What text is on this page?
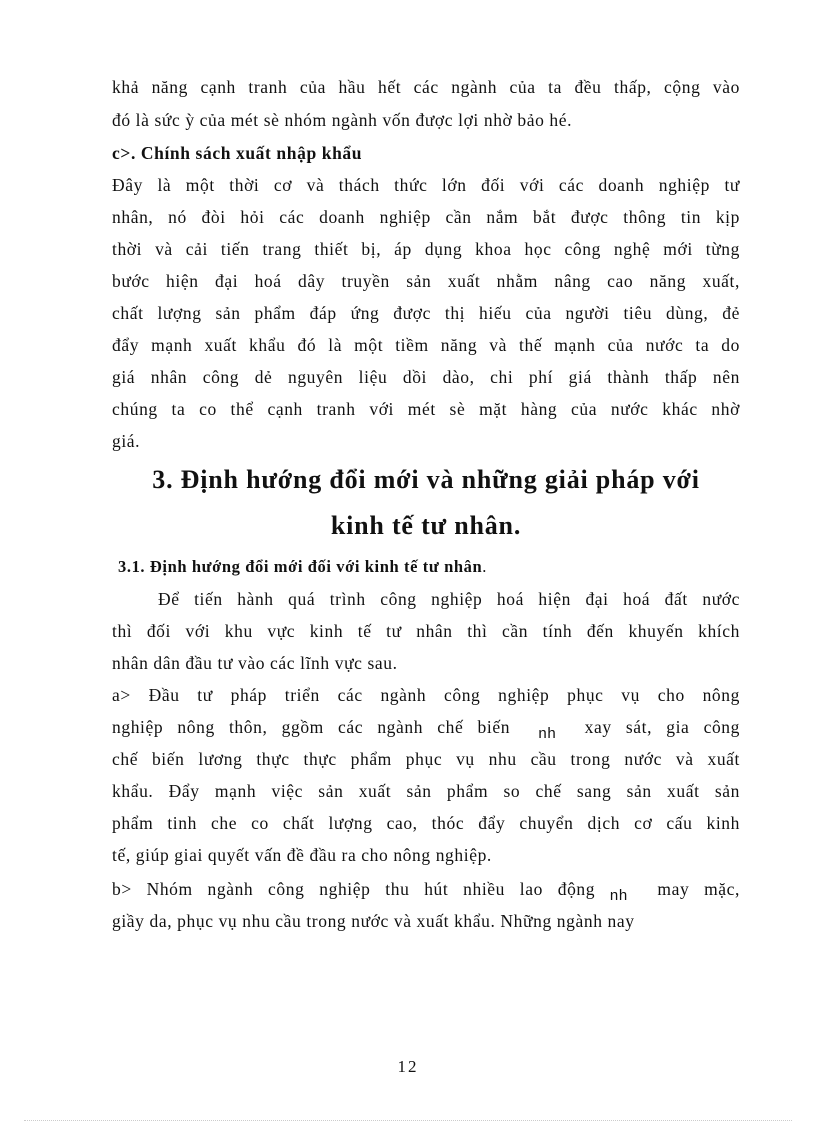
khả năng cạnh tranh của hầu hết các ngành của ta đều thấp, cộng vào
đó là sức ỳ của mét sè nhóm ngành vốn được lợi nhờ bảo hé.
c>. Chính sách xuất nhập khẩu
Đây là một thời cơ và thách thức lớn đối với các doanh nghiệp tư
nhân, nó đòi hỏi các doanh nghiệp cần nắm bắt được thông tin kịp
thời và cải tiến trang thiết bị, áp dụng khoa học công nghệ mới từng
bước hiện đại hoá dây truyền sản xuất nhằm nâng cao năng xuất,
chất lượng sản phẩm đáp ứng được thị hiếu của người tiêu dùng, đẻ
đẩy mạnh xuất khẩu đó là một tiềm năng và thế mạnh của nước ta do
giá nhân công dẻ nguyên liệu dồi dào, chi phí giá thành thấp nên
chúng ta co thể cạnh tranh với mét sè mặt hàng của nước khác nhờ
giá.
3. Định hướng đổi mới và những giải pháp với
kinh tế tư nhân.
3.1. Định hướng đổi mới đối với kinh tế tư nhân.
Để tiến hành quá trình công nghiệp hoá hiện đại hoá đất nước
thì đối với khu vực kinh tế tư nhân thì cần tính đến khuyến khích
nhân dân đầu tư vào các lĩnh vực sau.
a> Đầu tư pháp triển các ngành công nghiệp phục vụ cho nông
nghiệp nông thôn, ggồm các ngành chế biến nh xay sát, gia công
chế biến lương thực thực phẩm phục vụ nhu cầu trong nước và xuất
khẩu. Đẩy mạnh việc sản xuất sản phẩm so chế sang sản xuất sản
phẩm tinh che co chất lượng cao, thóc đẩy chuyển dịch cơ cấu kinh
tế, giúp giai quyết vấn đề đầu ra cho nông nghiệp.
b> Nhóm ngành công nghiệp thu hút nhiều lao động nh may mặc,
giầy da, phục vụ nhu cầu trong nước và xuất khẩu. Những ngành nay
12
